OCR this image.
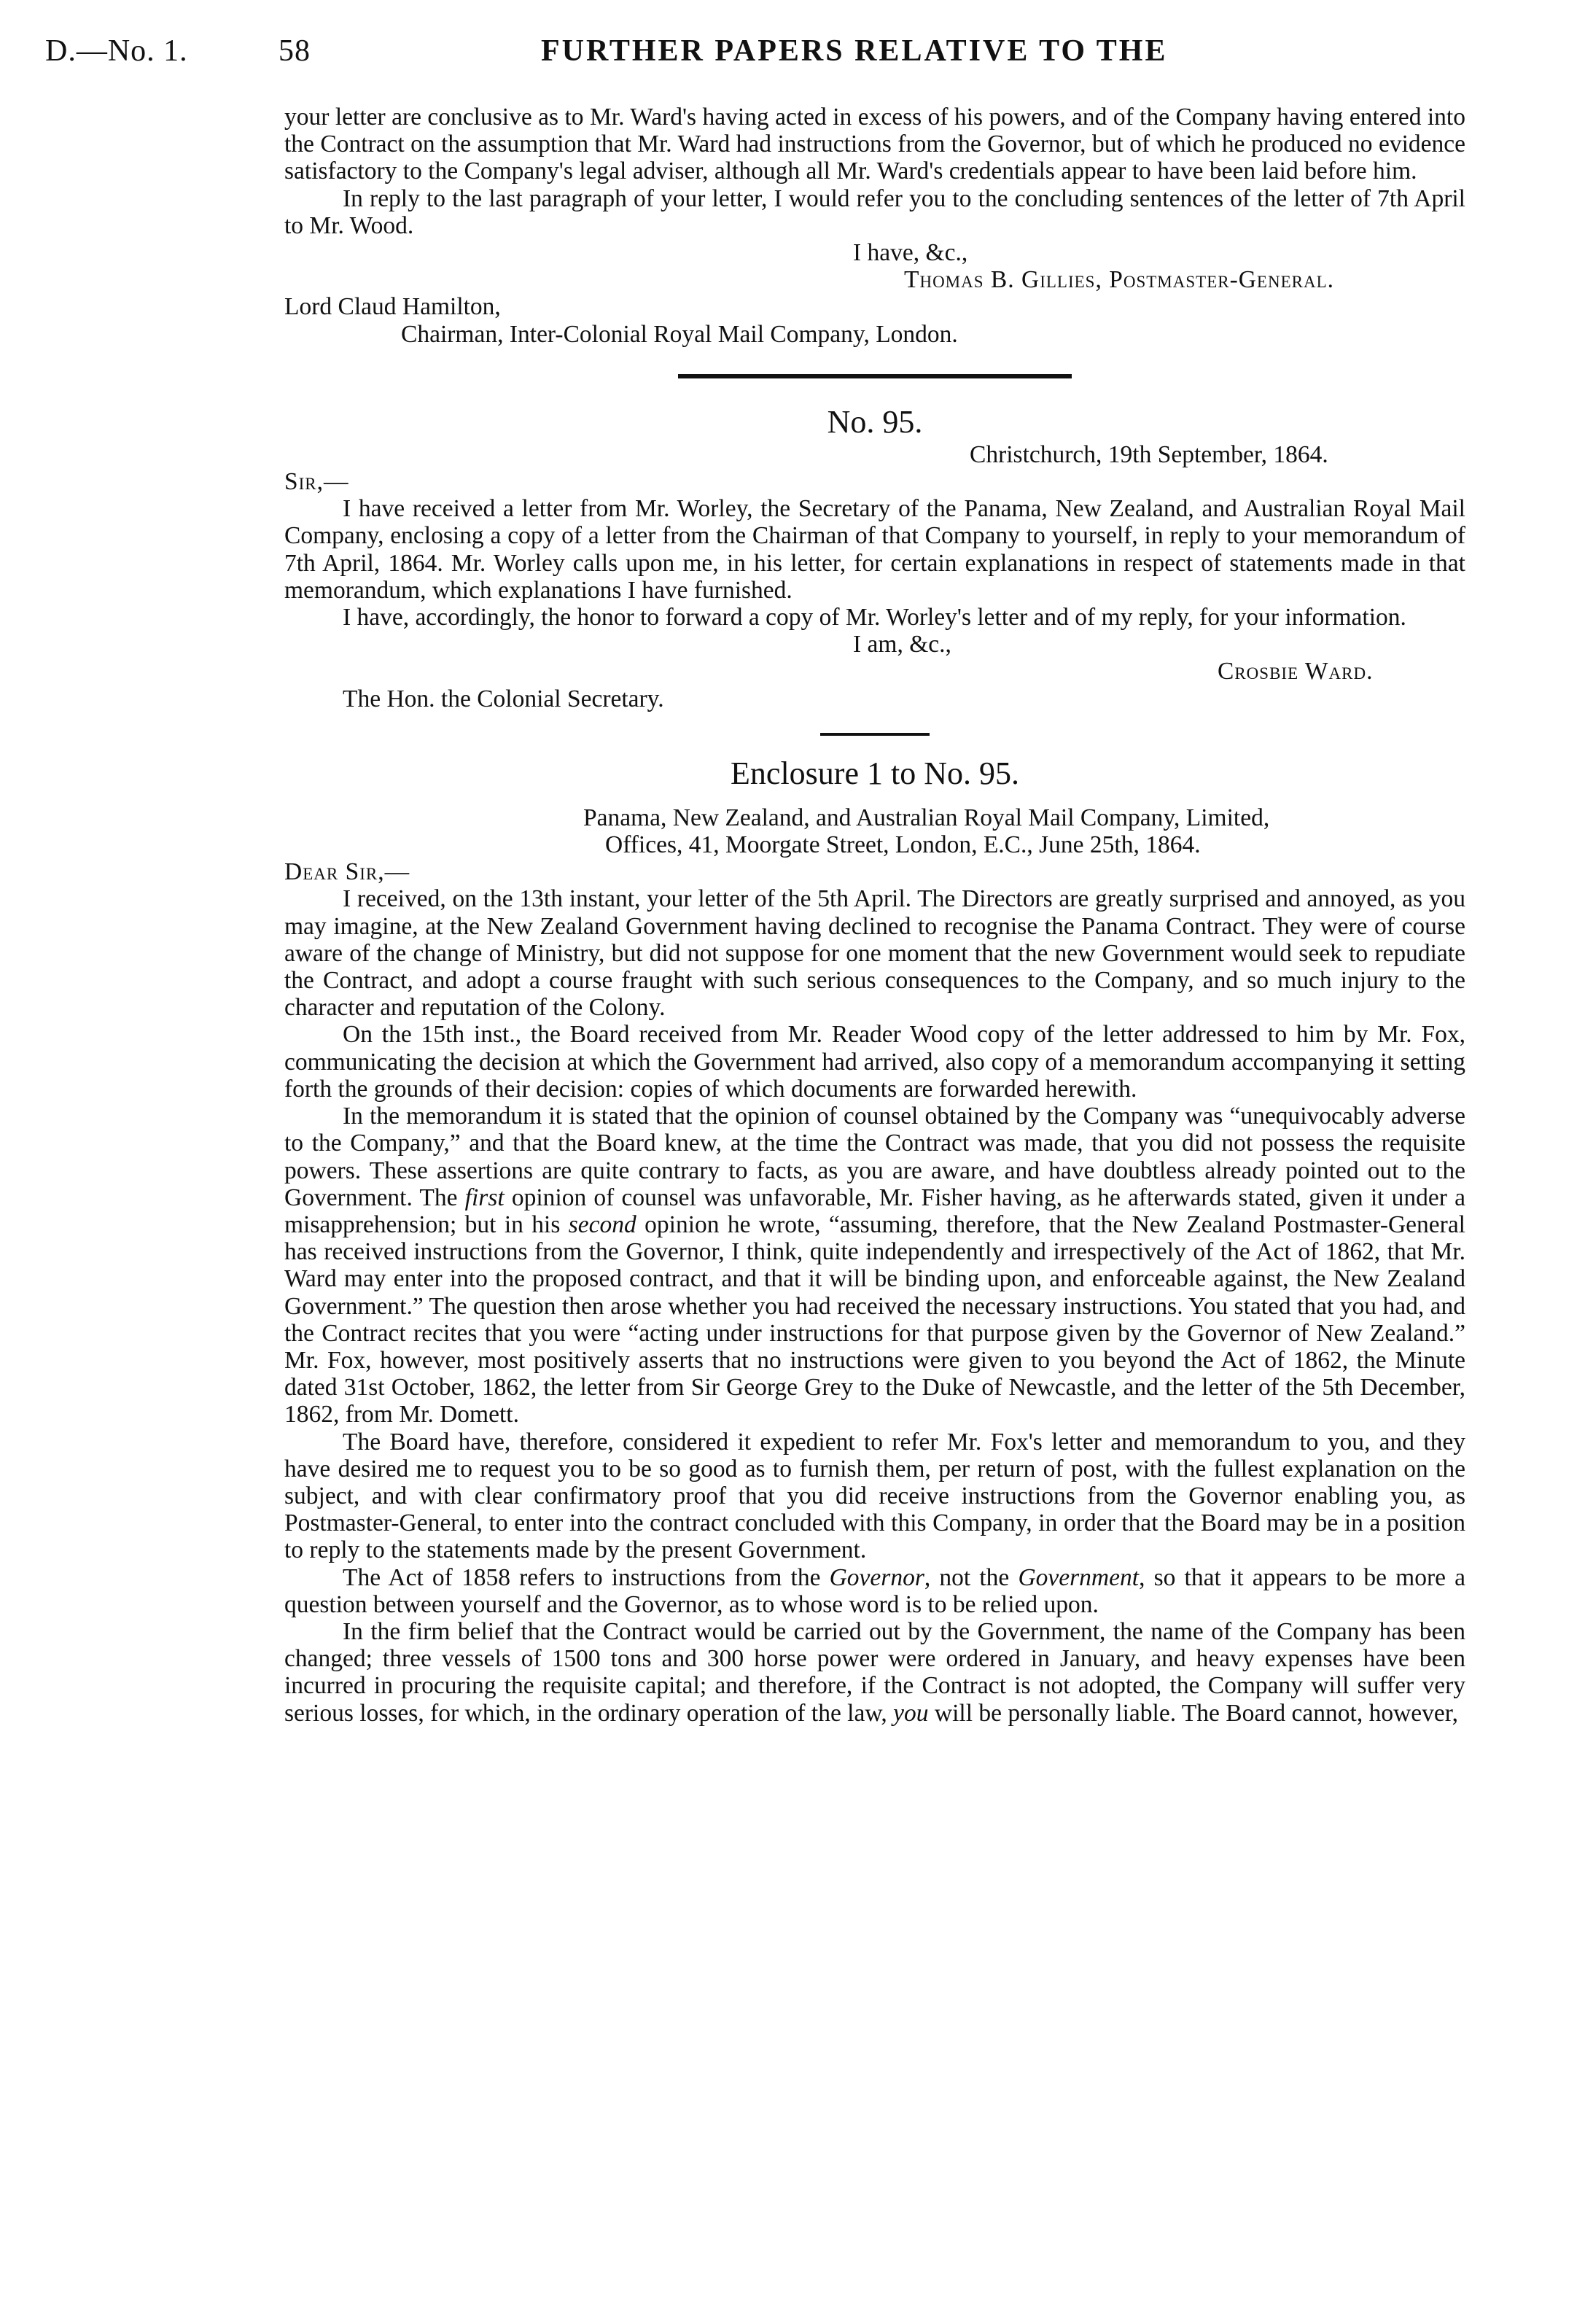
D.—No. 1.	58	FURTHER PAPERS RELATIVE TO THE

your letter are conclusive as to Mr. Ward's having acted in excess of his powers, and of the Company having entered into the Contract on the assumption that Mr. Ward had instructions from the Governor, but of which he produced no evidence satisfactory to the Company's legal adviser, although all Mr. Ward's credentials appear to have been laid before him.

In reply to the last paragraph of your letter, I would refer you to the concluding sentences of the letter of 7th April to Mr. Wood.

I have, &c.,
Thomas B. Gillies, Postmaster-General.
Lord Claud Hamilton,
Chairman, Inter-Colonial Royal Mail Company, London.
No. 95.
Christchurch, 19th September, 1864.
Sir,—

I have received a letter from Mr. Worley, the Secretary of the Panama, New Zealand, and Australian Royal Mail Company, enclosing a copy of a letter from the Chairman of that Company to yourself, in reply to your memorandum of 7th April, 1864. Mr. Worley calls upon me, in his letter, for certain explanations in respect of statements made in that memorandum, which explanations I have furnished.

I have, accordingly, the honor to forward a copy of Mr. Worley's letter and of my reply, for your information.

I am, &c.,
Crosbie Ward.
The Hon. the Colonial Secretary.
Enclosure 1 to No. 95.
Panama, New Zealand, and Australian Royal Mail Company, Limited,
Offices, 41, Moorgate Street, London, E.C., June 25th, 1864.
Dear Sir,—

I received, on the 13th instant, your letter of the 5th April. The Directors are greatly surprised and annoyed, as you may imagine, at the New Zealand Government having declined to recognise the Panama Contract. They were of course aware of the change of Ministry, but did not suppose for one moment that the new Government would seek to repudiate the Contract, and adopt a course fraught with such serious consequences to the Company, and so much injury to the character and reputation of the Colony.

On the 15th inst., the Board received from Mr. Reader Wood copy of the letter addressed to him by Mr. Fox, communicating the decision at which the Government had arrived, also copy of a memorandum accompanying it setting forth the grounds of their decision: copies of which documents are forwarded herewith.

In the memorandum it is stated that the opinion of counsel obtained by the Company was “unequivocably adverse to the Company,” and that the Board knew, at the time the Contract was made, that you did not possess the requisite powers. These assertions are quite contrary to facts, as you are aware, and have doubtless already pointed out to the Government. The first opinion of counsel was unfavorable, Mr. Fisher having, as he afterwards stated, given it under a misapprehension; but in his second opinion he wrote, “assuming, therefore, that the New Zealand Postmaster-General has received instructions from the Governor, I think, quite independently and irrespectively of the Act of 1862, that Mr. Ward may enter into the proposed contract, and that it will be binding upon, and enforceable against, the New Zealand Government.” The question then arose whether you had received the necessary instructions. You stated that you had, and the Contract recites that you were “acting under instructions for that purpose given by the Governor of New Zealand.” Mr. Fox, however, most positively asserts that no instructions were given to you beyond the Act of 1862, the Minute dated 31st October, 1862, the letter from Sir George Grey to the Duke of Newcastle, and the letter of the 5th December, 1862, from Mr. Domett.

The Board have, therefore, considered it expedient to refer Mr. Fox's letter and memorandum to you, and they have desired me to request you to be so good as to furnish them, per return of post, with the fullest explanation on the subject, and with clear confirmatory proof that you did receive instructions from the Governor enabling you, as Postmaster-General, to enter into the contract concluded with this Company, in order that the Board may be in a position to reply to the statements made by the present Government.

The Act of 1858 refers to instructions from the Governor, not the Government, so that it appears to be more a question between yourself and the Governor, as to whose word is to be relied upon.

In the firm belief that the Contract would be carried out by the Government, the name of the Company has been changed; three vessels of 1500 tons and 300 horse power were ordered in January, and heavy expenses have been incurred in procuring the requisite capital; and therefore, if the Contract is not adopted, the Company will suffer very serious losses, for which, in the ordinary operation of the law, you will be personally liable. The Board cannot, however,
